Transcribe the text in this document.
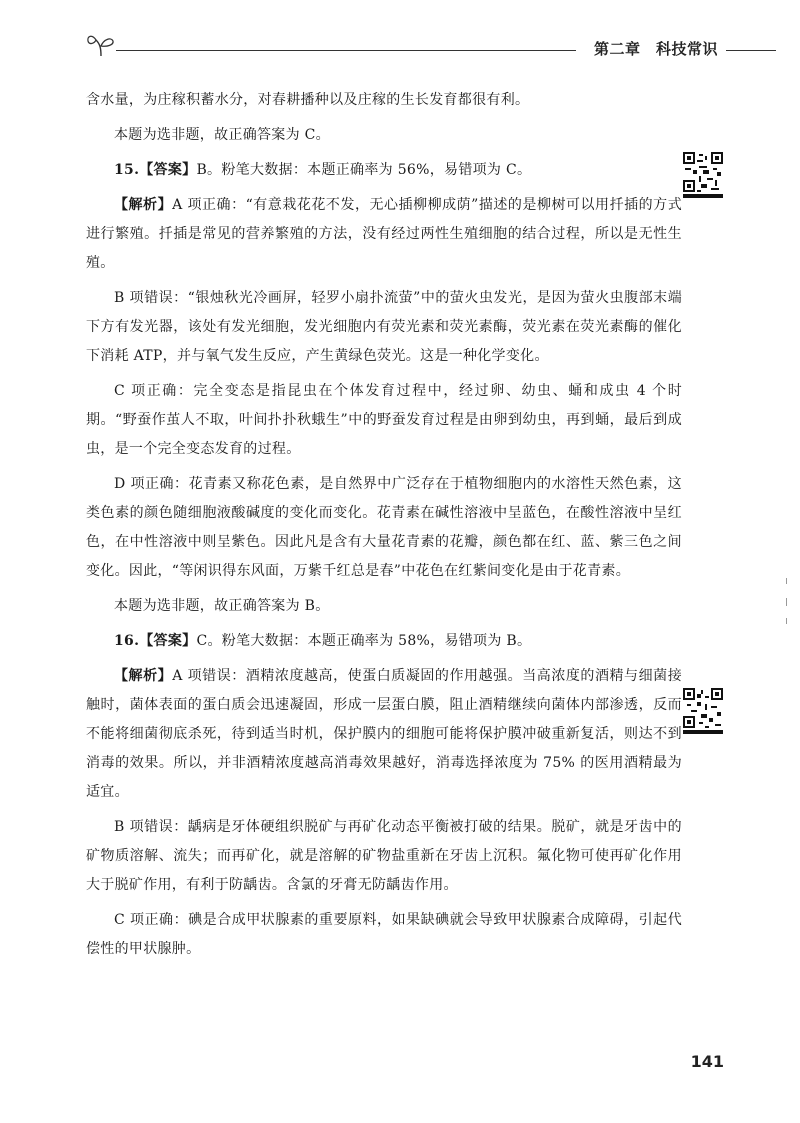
第二章　科技常识

含水量，为庄稼积蓄水分，对春耕播种以及庄稼的生长发育都很有利。

本题为选非题，故正确答案为 C。

15.【答案】B。粉笔大数据：本题正确率为 56%，易错项为 C。

【解析】A 项正确：“有意栽花花不发，无心插柳柳成荫”描述的是柳树可以用扦插的方式进行繁殖。扦插是常见的营养繁殖的方法，没有经过两性生殖细胞的结合过程，所以是无性生殖。

B 项错误：“银烛秋光冷画屏，轻罗小扇扑流萤”中的萤火虫发光，是因为萤火虫腹部末端下方有发光器，该处有发光细胞，发光细胞内有荧光素和荧光素酶，荧光素在荧光素酶的催化下消耗 ATP，并与氧气发生反应，产生黄绿色荧光。这是一种化学变化。

C 项正确：完全变态是指昆虫在个体发育过程中，经过卵、幼虫、蛹和成虫 4 个时期。“野蚕作茧人不取，叶间扑扑秋蛾生”中的野蚕发育过程是由卵到幼虫，再到蛹，最后到成虫，是一个完全变态发育的过程。

D 项正确：花青素又称花色素，是自然界中广泛存在于植物细胞内的水溶性天然色素，这类色素的颜色随细胞液酸碱度的变化而变化。花青素在碱性溶液中呈蓝色，在酸性溶液中呈红色，在中性溶液中则呈紫色。因此凡是含有大量花青素的花瓣，颜色都在红、蓝、紫三色之间变化。因此，“等闲识得东风面，万紫千红总是春”中花色在红紫间变化是由于花青素。

本题为选非题，故正确答案为 B。

16.【答案】C。粉笔大数据：本题正确率为 58%，易错项为 B。

【解析】A 项错误：酒精浓度越高，使蛋白质凝固的作用越强。当高浓度的酒精与细菌接触时，菌体表面的蛋白质会迅速凝固，形成一层蛋白膜，阻止酒精继续向菌体内部渗透，反而不能将细菌彻底杀死，待到适当时机，保护膜内的细胞可能将保护膜冲破重新复活，则达不到消毒的效果。所以，并非酒精浓度越高消毒效果越好，消毒选择浓度为 75% 的医用酒精最为适宜。

B 项错误：龋病是牙体硬组织脱矿与再矿化动态平衡被打破的结果。脱矿，就是牙齿中的矿物质溶解、流失；而再矿化，就是溶解的矿物盐重新在牙齿上沉积。氟化物可使再矿化作用大于脱矿作用，有利于防龋齿。含氯的牙膏无防龋齿作用。

C 项正确：碘是合成甲状腺素的重要原料，如果缺碘就会导致甲状腺素合成障碍，引起代偿性的甲状腺肿。

141
